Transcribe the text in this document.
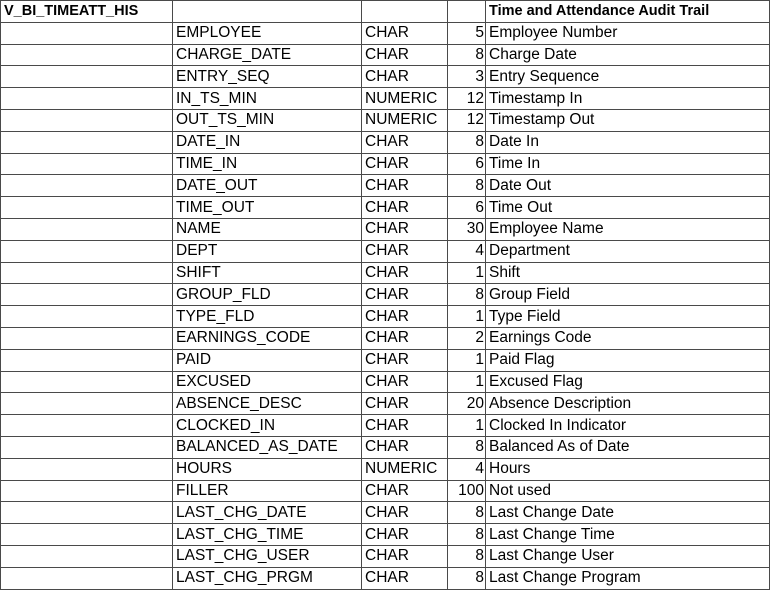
V_BI_TIMEATT_HIS				Time and Attendance Audit Trail
	EMPLOYEE	CHAR	5	Employee Number
	CHARGE_DATE	CHAR	8	Charge Date
	ENTRY_SEQ	CHAR	3	Entry Sequence
	IN_TS_MIN	NUMERIC	12	Timestamp In
	OUT_TS_MIN	NUMERIC	12	Timestamp Out
	DATE_IN	CHAR	8	Date In
	TIME_IN	CHAR	6	Time In
	DATE_OUT	CHAR	8	Date Out
	TIME_OUT	CHAR	6	Time Out
	NAME	CHAR	30	Employee Name
	DEPT	CHAR	4	Department
	SHIFT	CHAR	1	Shift
	GROUP_FLD	CHAR	8	Group Field
	TYPE_FLD	CHAR	1	Type Field
	EARNINGS_CODE	CHAR	2	Earnings Code
	PAID	CHAR	1	Paid Flag
	EXCUSED	CHAR	1	Excused Flag
	ABSENCE_DESC	CHAR	20	Absence Description
	CLOCKED_IN	CHAR	1	Clocked In Indicator
	BALANCED_AS_DATE	CHAR	8	Balanced As of Date
	HOURS	NUMERIC	4	Hours
	FILLER	CHAR	100	Not used
	LAST_CHG_DATE	CHAR	8	Last Change Date
	LAST_CHG_TIME	CHAR	8	Last Change Time
	LAST_CHG_USER	CHAR	8	Last Change User
	LAST_CHG_PRGM	CHAR	8	Last Change Program
